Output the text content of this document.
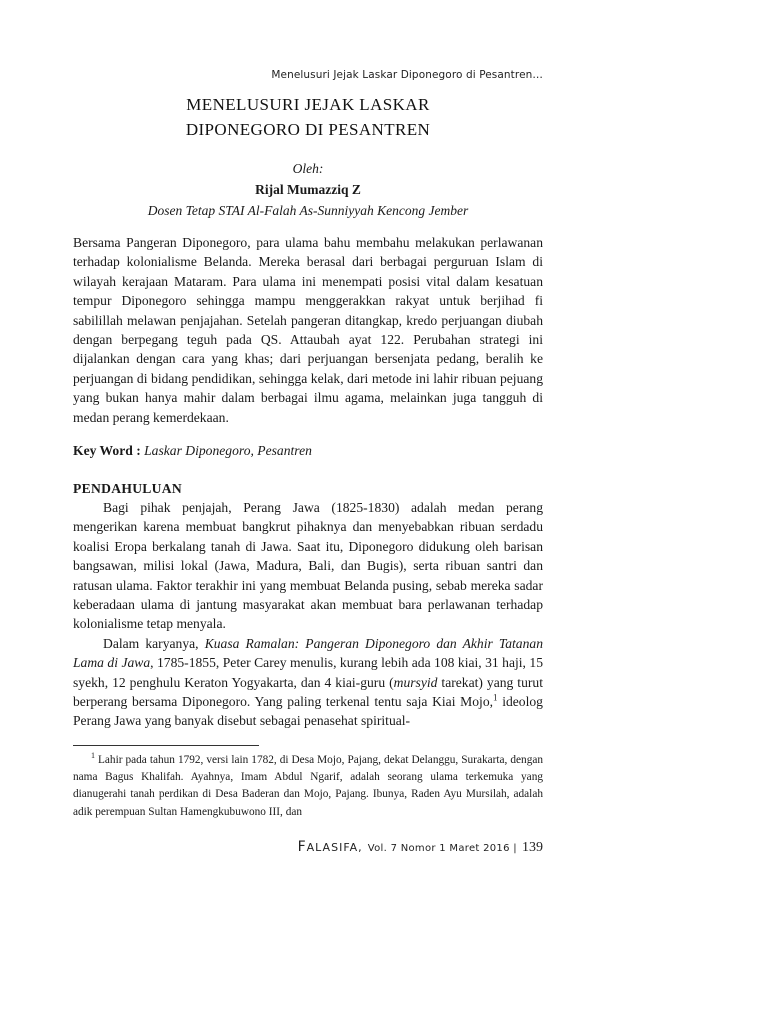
Menelusuri Jejak Laskar Diponegoro di Pesantren…
MENELUSURI JEJAK LASKAR
DIPONEGORO DI PESANTREN
Oleh:
Rijal Mumazziq Z
Dosen Tetap STAI Al-Falah As-Sunniyyah Kencong Jember

Bersama Pangeran Diponegoro, para ulama bahu membahu melakukan perlawanan terhadap kolonialisme Belanda. Mereka berasal dari berbagai perguruan Islam di wilayah kerajaan Mataram. Para ulama ini menempati posisi vital dalam kesatuan tempur Diponegoro sehingga mampu menggerakkan rakyat untuk berjihad fi sabilillah melawan penjajahan. Setelah pangeran ditangkap, kredo perjuangan diubah dengan berpegang teguh pada QS. Attaubah ayat 122. Perubahan strategi ini dijalankan dengan cara yang khas; dari perjuangan bersenjata pedang, beralih ke perjuangan di bidang pendidikan, sehingga kelak, dari metode ini lahir ribuan pejuang yang bukan hanya mahir dalam berbagai ilmu agama, melainkan juga tangguh di medan perang kemerdekaan.

Key Word : Laskar Diponegoro, Pesantren
PENDAHULUAN

Bagi pihak penjajah, Perang Jawa (1825-1830) adalah medan perang mengerikan karena membuat bangkrut pihaknya dan menyebabkan ribuan serdadu koalisi Eropa berkalang tanah di Jawa. Saat itu, Diponegoro didukung oleh barisan bangsawan, milisi lokal (Jawa, Madura, Bali, dan Bugis), serta ribuan santri dan ratusan ulama. Faktor terakhir ini yang membuat Belanda pusing, sebab mereka sadar keberadaan ulama di jantung masyarakat akan membuat bara perlawanan terhadap kolonialisme tetap menyala.

Dalam karyanya, Kuasa Ramalan: Pangeran Diponegoro dan Akhir Tatanan Lama di Jawa, 1785-1855, Peter Carey menulis, kurang lebih ada 108 kiai, 31 haji, 15 syekh, 12 penghulu Keraton Yogyakarta, dan 4 kiai-guru (mursyid tarekat) yang turut berperang bersama Diponegoro. Yang paling terkenal tentu saja Kiai Mojo,$^1$ ideolog Perang Jawa yang banyak disebut sebagai penasehat spiritual-

$^1$ Lahir pada tahun 1792, versi lain 1782, di Desa Mojo, Pajang, dekat Delanggu, Surakarta, dengan nama Bagus Khalifah. Ayahnya, Imam Abdul Ngarif, adalah seorang ulama terkemuka yang dianugerahi tanah perdikan di Desa Baderan dan Mojo, Pajang. Ibunya, Raden Ayu Mursilah, adalah adik perempuan Sultan Hamengkubuwono III, dan
FALASIFA, Vol. 7 Nomor 1 Maret 2016 | 139
